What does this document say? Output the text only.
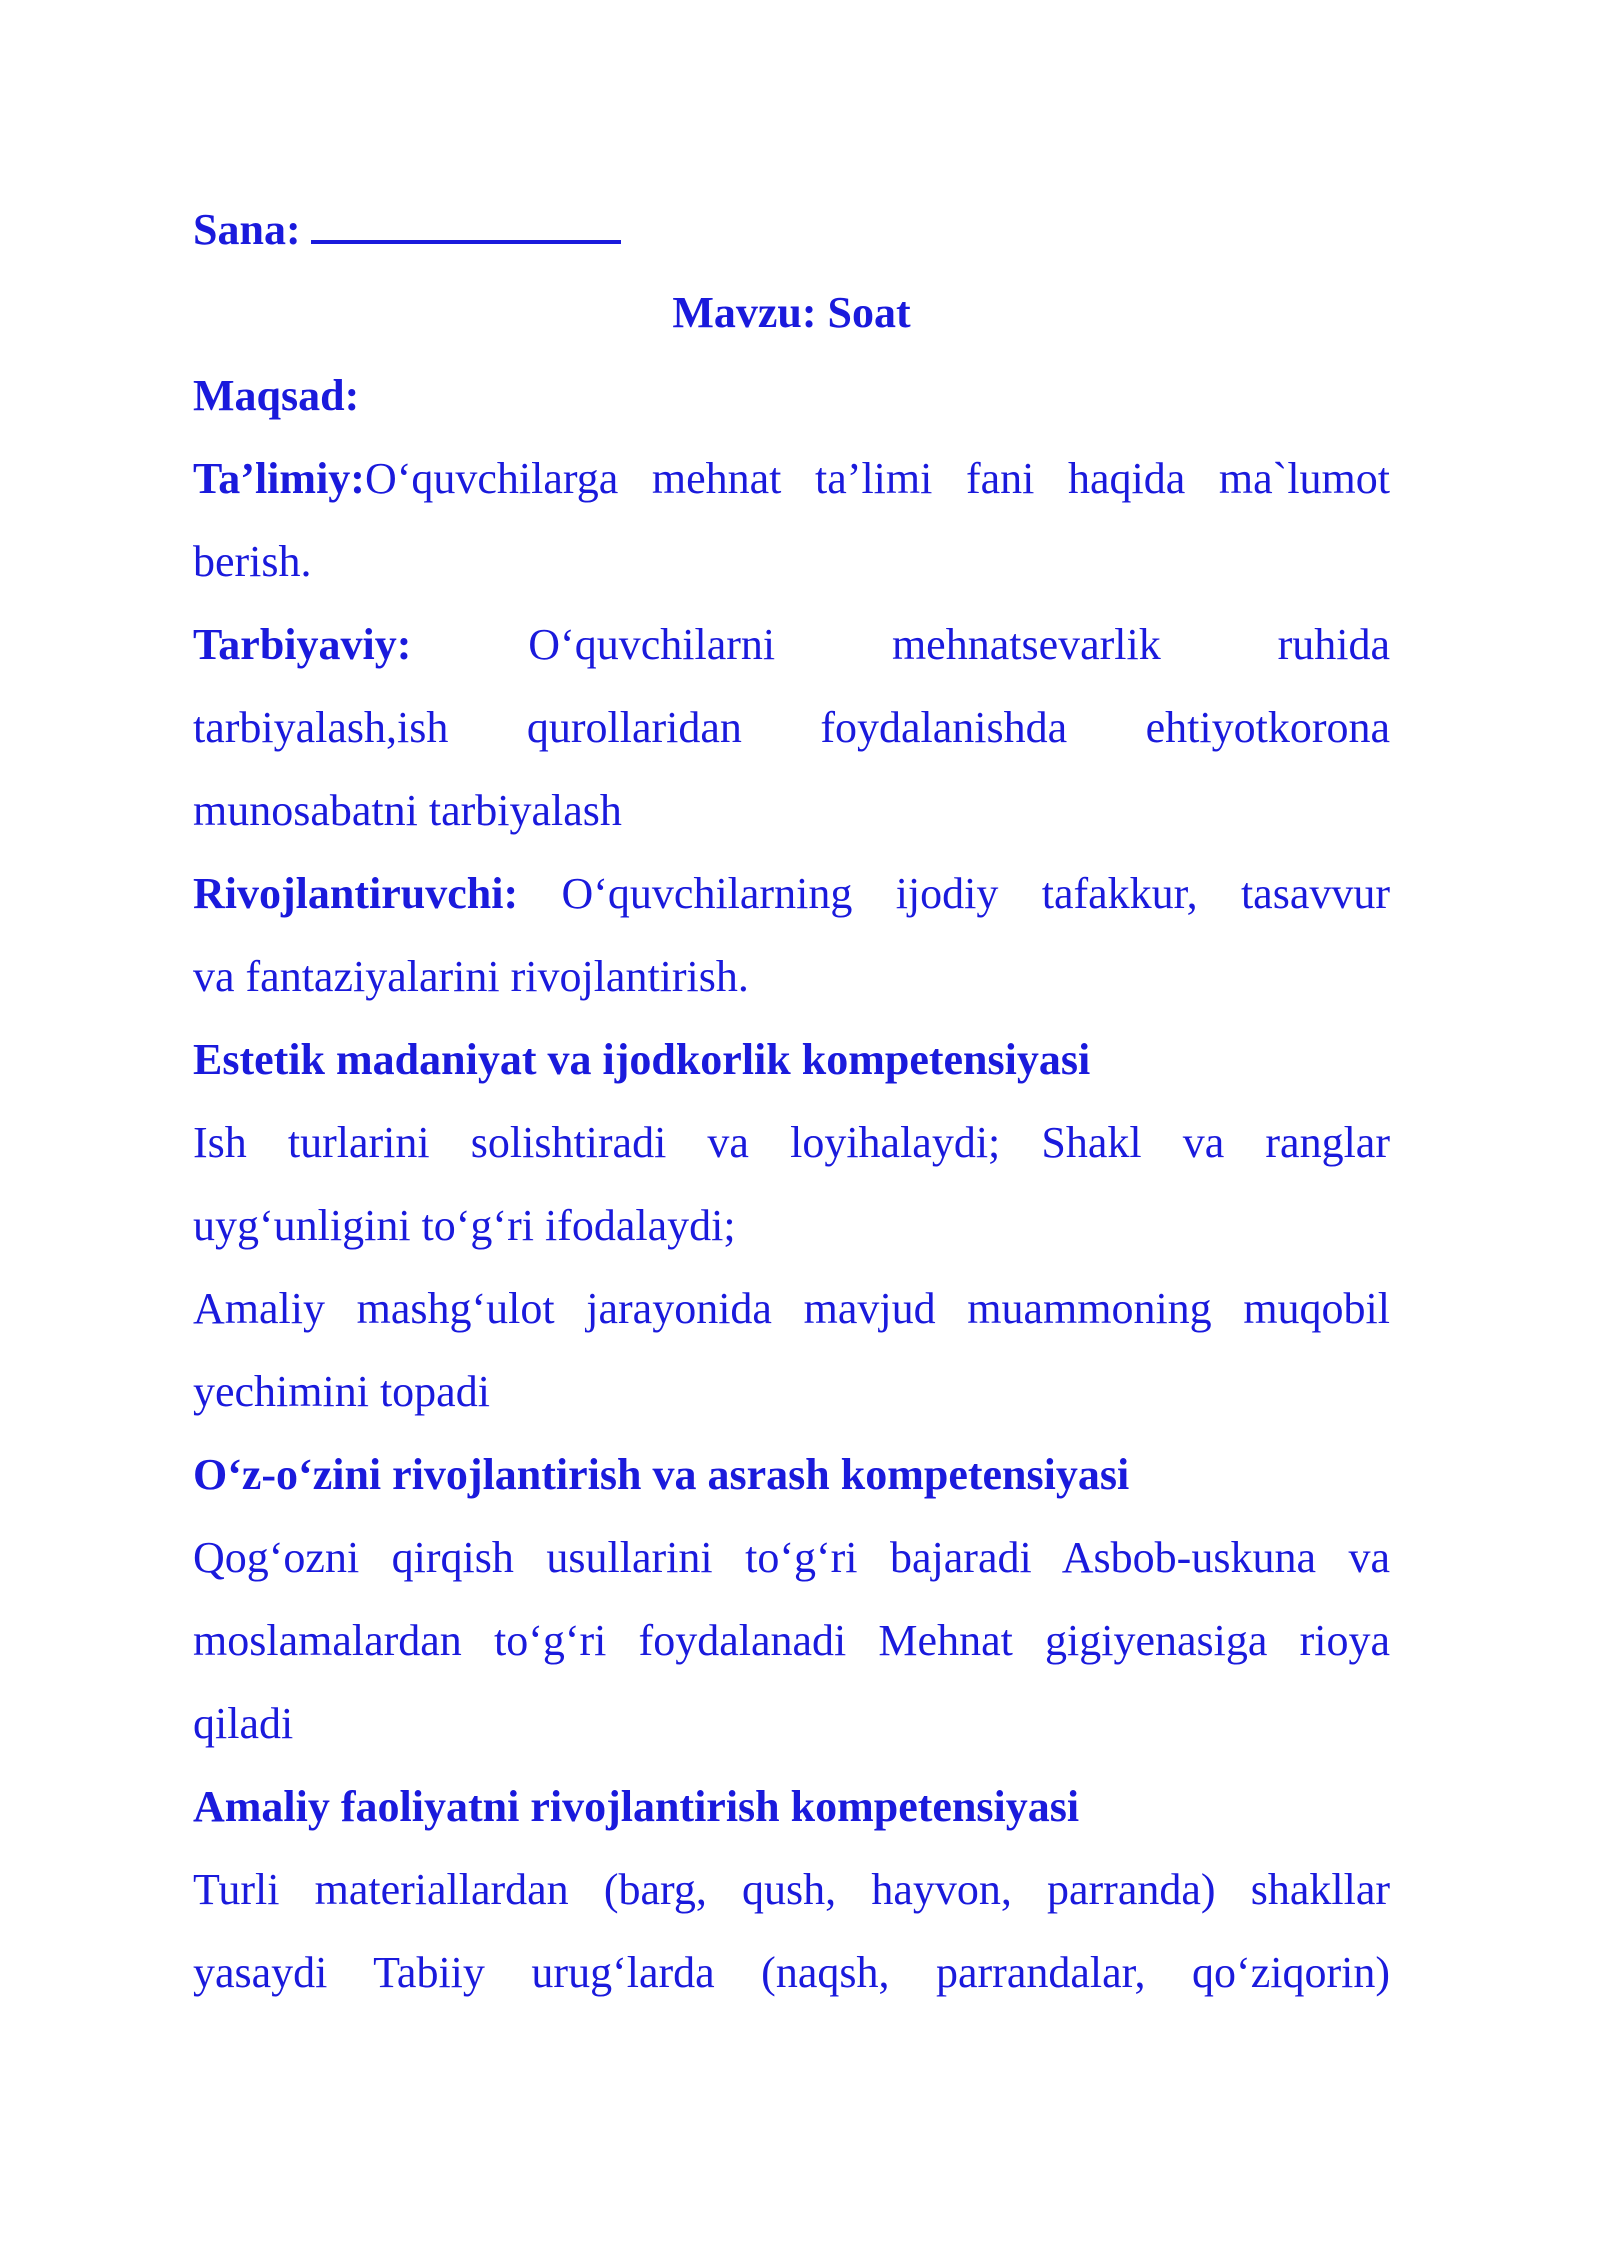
Sana:
Mavzu: Soat
Maqsad:
Ta’limiy:O‘quvchilarga mehnat ta’limi fani haqida ma`lumot
berish.
Tarbiyaviy:	O‘quvchilarni	mehnatsevarlik	ruhida
tarbiyalash,ish qurollaridan foydalanishda ehtiyotkorona
munosabatni tarbiyalash
Rivojlantiruvchi: O‘quvchilarning ijodiy tafakkur, tasavvur
va fantaziyalarini rivojlantirish.
Estetik madaniyat va ijodkorlik kompetensiyasi
Ish turlarini solishtiradi va loyihalaydi; Shakl va ranglar
uyg‘unligini to‘g‘ri ifodalaydi;
Amaliy mashg‘ulot jarayonida mavjud muammoning muqobil
yechimini topadi
O‘z-o‘zini rivojlantirish va asrash kompetensiyasi
Qog‘ozni qirqish usullarini to‘g‘ri bajaradi Asbob-uskuna va
moslamalardan to‘g‘ri foydalanadi Mehnat gigiyenasiga rioya
qiladi
Amaliy faoliyatni rivojlantirish kompetensiyasi
Turli materiallardan (barg, qush, hayvon, parranda) shakllar
yasaydi Tabiiy urug‘larda (naqsh, parrandalar, qo‘ziqorin)
